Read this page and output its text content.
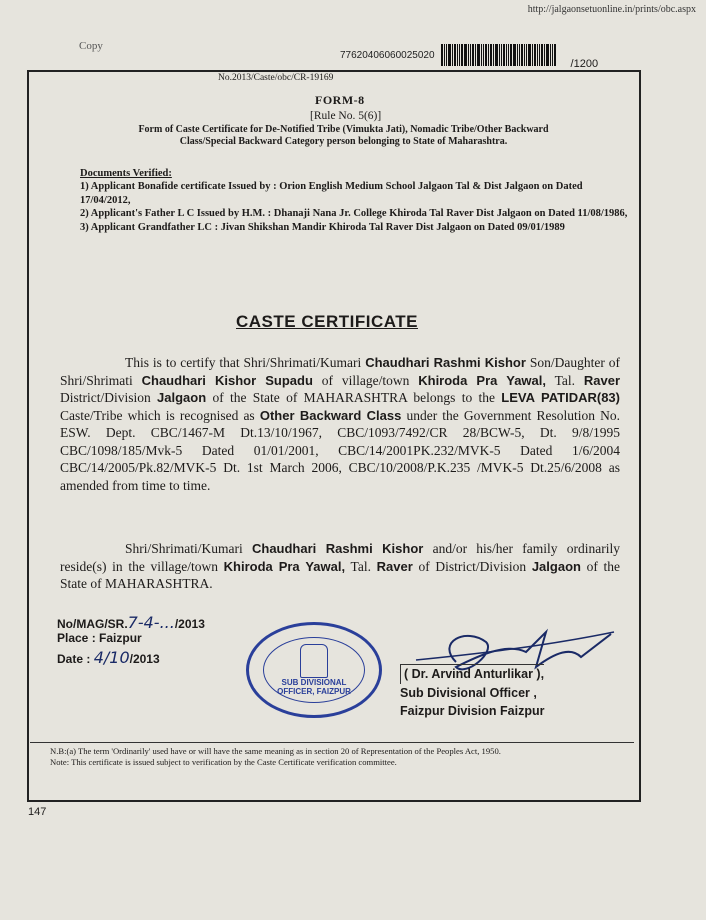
http://jalgaonsetuonline.in/prints/obc.aspx
Copy
77620406060025020
/1200
No.2013/Caste/obc/CR-19169
FORM-8
[Rule No. 5(6)]
Form of Caste Certificate for De-Notified Tribe (Vimukta Jati), Nomadic Tribe/Other Backward
Class/Special Backward Category person belonging to State of Maharashtra.
Documents Verified:

1) Applicant Bonafide certificate Issued by : Orion English Medium School Jalgaon Tal & Dist Jalgaon on Dated 17/04/2012,

2) Applicant's Father L C Issued by H.M. : Dhanaji Nana Jr. College Khiroda Tal Raver Dist Jalgaon on Dated 11/08/1986,

3) Applicant Grandfather LC : Jivan Shikshan Mandir Khiroda Tal Raver Dist Jalgaon on Dated 09/01/1989

CASTE CERTIFICATE
This is to certify that Shri/Shrimati/Kumari Chaudhari Rashmi Kishor Son/Daughter of Shri/Shrimati Chaudhari Kishor Supadu of village/town Khiroda Pra Yawal, Tal. Raver District/Division Jalgaon of the State of MAHARASHTRA belongs to the LEVA PATIDAR(83) Caste/Tribe which is recognised as Other Backward Class under the Government Resolution No. ESW. Dept. CBC/1467-M Dt.13/10/1967, CBC/1093/7492/CR 28/BCW-5, Dt. 9/8/1995 CBC/1098/185/Mvk-5 Dated 01/01/2001, CBC/14/2001PK.232/MVK-5 Dated 1/6/2004 CBC/14/2005/Pk.82/MVK-5 Dt. 1st March 2006, CBC/10/2008/P.K.235 /MVK-5 Dt.25/6/2008 as amended from time to time.
Shri/Shrimati/Kumari Chaudhari Rashmi Kishor and/or his/her family ordinarily reside(s) in the village/town Khiroda Pra Yawal, Tal. Raver of District/Division Jalgaon of the State of MAHARASHTRA.
No/MAG/SR.7-4-.../2013
Place : Faizpur
Date : 4/10/2013
SUB DIVISIONAL OFFICER, FAIZPUR
( Dr. Arvind Anturlikar ),
Sub Divisional Officer ,
Faizpur Division Faizpur

N.B:(a) The term 'Ordinarily' used have or will have the same meaning as in section 20 of Representation of the Peoples Act, 1950.

Note: This certificate is issued subject to verification by the Caste Certificate verification committee.

147
